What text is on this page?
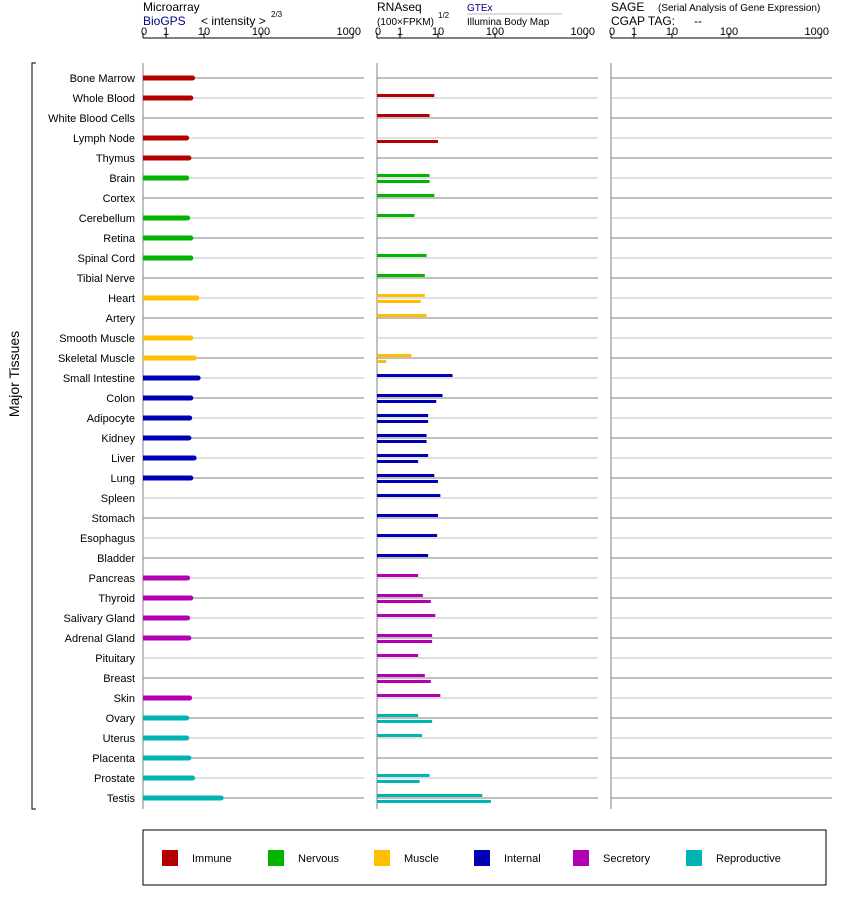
Microarray
BioGPS < intensity > 2/3
RNAseq
(100×FPKM)
1/2
GTEx
Illumina Body Map
SAGE (Serial Analysis of Gene Expression)
CGAP TAG: --
Major Tissues
Immune	Nervous	Muscle	Internal	Secretory	Reproductive
0 1	10	100	1000 0 1	10	100	1000 0 1	10	100	1000
Bone Marrow
Whole Blood
White Blood Cells
Lymph Node
Thymus
Brain
Cortex
Cerebellum
Retina
Spinal Cord
Tibial Nerve
Heart
Artery
Smooth Muscle
Skeletal Muscle
Small Intestine
Colon
Adipocyte
Kidney
Liver
Lung
Spleen
Stomach
Esophagus
Bladder
Pancreas
Thyroid
Salivary Gland
Adrenal Gland
Pituitary
Breast
Skin
Ovary
Uterus
Placenta
Prostate
Testis
